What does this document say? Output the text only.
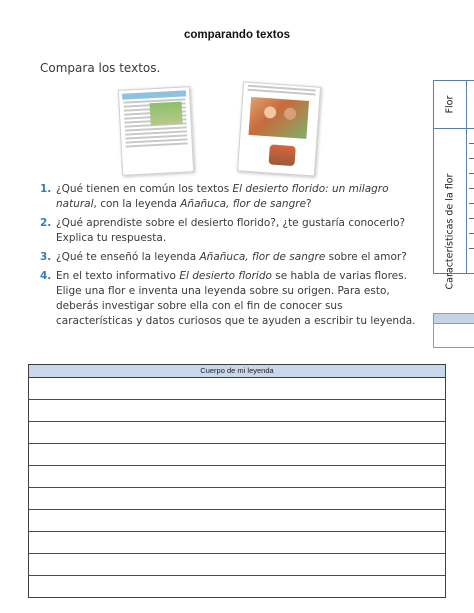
comparando textos
Compara los textos.
1. ¿Qué tienen en común los textos El desierto florido: un milagro natural, con la leyenda Añañuca, flor de sangre?
2. ¿Qué aprendiste sobre el desierto florido?, ¿te gustaría conocerlo? Explica tu respuesta.
3. ¿Qué te enseñó la leyenda Añañuca, flor de sangre sobre el amor?
4. En el texto informativo El desierto florido se habla de varias flores. Elige una flor e inventa una leyenda sobre su origen. Para esto, deberás investigar sobre ella con el fin de conocer sus características y datos curiosos que te ayuden a escribir tu leyenda.
Flor
Características de la flor
Cuerpo de mi leyenda
